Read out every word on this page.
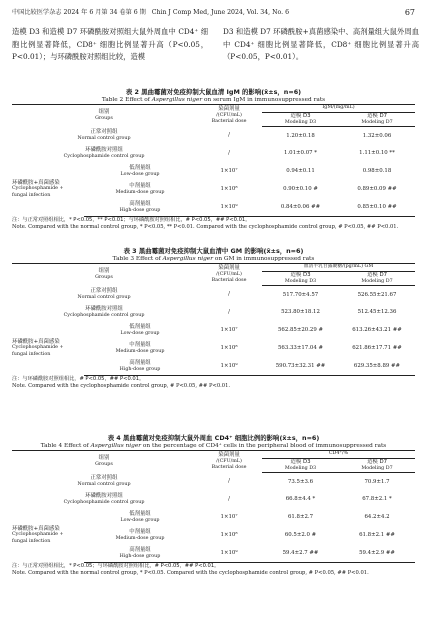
中国比较医学杂志 2024 年 6 月第 34 卷第 6 期 Chin J Comp Med, June 2024, Vol. 34, No. 6	67

造模 D3 和造模 D7 环磷酰胺对照组大鼠外周血中 CD4⁺ 细胞比例显著降低，CD8⁺ 细胞比例显著升高（P<0.05，P<0.01）；与环磷酰胺对照组比较，造模

D3 和造模 D7 环磷酰胺+真菌感染中、高剂量组大鼠外周血中 CD4⁺ 细胞比例显著降低，CD8⁺ 细胞比例显著升高（P<0.05，P<0.01）。

表 2 黑曲霉菌对免疫抑制大鼠血清 IgM 的影响(x̄±s，n=6)
Table 2 Effect of Aspergillus niger on serum IgM in immunosuppressed rats
组别
Groups		染菌剂量
/(CFU/mL)
Bacterial dose	IgM/(mg/mL)	

			造模 D3
Modeling D3	造模 D7
Modeling D7

正常对照组
Normal control group		/	1.20±0.18	1.32±0.06

环磷酰胺对照组
Cyclophosphamide control group		/	1.01±0.07 *	1.11±0.10 **

环磷酰胺+真菌感染
Cyclophosphamide +
fungal infection	低剂量组
Low-dose group	1×10⁷	0.94±0.11	0.98±0.18

	中剂量组
Medium-dose group	1×10⁸	0.90±0.10 #	0.89±0.09 ##

	高剂量组
High-dose group	1×10⁹	0.84±0.06 ##	0.85±0.10 ##
注：与正常对照组相比，* P<0.05，** P<0.01；与环磷酰胺对照组相比，# P<0.05，## P<0.01。
Note. Compared with the normal control group, * P<0.05, ** P<0.01. Compared with the cyclophosphamide control group, # P<0.05, ## P<0.01.
表 3 黑曲霉菌对免疫抑制大鼠血清中 GM 的影响(x̄±s，n=6)
Table 3 Effect of Aspergillus niger on GM in immunosuppressed rats
组别
Groups		染菌剂量
/(CFU/mL)
Bacterial dose	血清半乳甘露聚糖/(pg/mL) GM	

			造模 D3
Modeling D3	造模 D7
Modeling D7

正常对照组
Normal control group		/	517.70±4.57	526.55±21.67

环磷酰胺对照组
Cyclophosphamide control group		/	523.80±18.12	512.45±12.36

环磷酰胺+真菌感染
Cyclophosphamide +
fungal infection	低剂量组
Low-dose group	1×10⁷	562.85±20.29 #	613.26±43.21 ##

	中剂量组
Medium-dose group	1×10⁸	563.33±17.04 #	621.86±17.71 ##

	高剂量组
High-dose group	1×10⁹	590.73±32.31 ##	629.35±8.89 ##
注：与环磷酰胺对照组相比，# P<0.05，## P<0.01。
Note. Compared with the cyclophosphamide control group, # P<0.05, ## P<0.01.
表 4 黑曲霉菌对免疫抑制大鼠外周血 CD4⁺ 细胞比例的影响(x̄±s，n=6)
Table 4 Effect of Aspergillus niger on the percentage of CD4⁺ cells in the peripheral blood of immunosuppressed rats
组别
Groups		染菌剂量
/(CFU/mL)
Bacterial dose	CD4⁺/%	

			造模 D3
Modeling D3	造模 D7
Modeling D7

正常对照组
Normal control group		/	73.5±3.6	70.9±1.7

环磷酰胺对照组
Cyclophosphamide control group		/	66.8±4.4 *	67.8±2.1 *

环磷酰胺+真菌感染
Cyclophosphamide +
fungal infection	低剂量组
Low-dose group	1×10⁷	61.8±2.7	64.2±4.2

	中剂量组
Medium-dose group	1×10⁸	60.5±2.0 #	61.8±2.1 ##

	高剂量组
High-dose group	1×10⁹	59.4±2.7 ##	59.4±2.9 ##
注：与正常对照组相比，* P<0.05；与环磷酰胺对照组相比，# P<0.05，## P<0.01。
Note. Compared with the normal control group, * P<0.05. Compared with the cyclophosphamide control group, # P<0.05, ## P<0.01.
